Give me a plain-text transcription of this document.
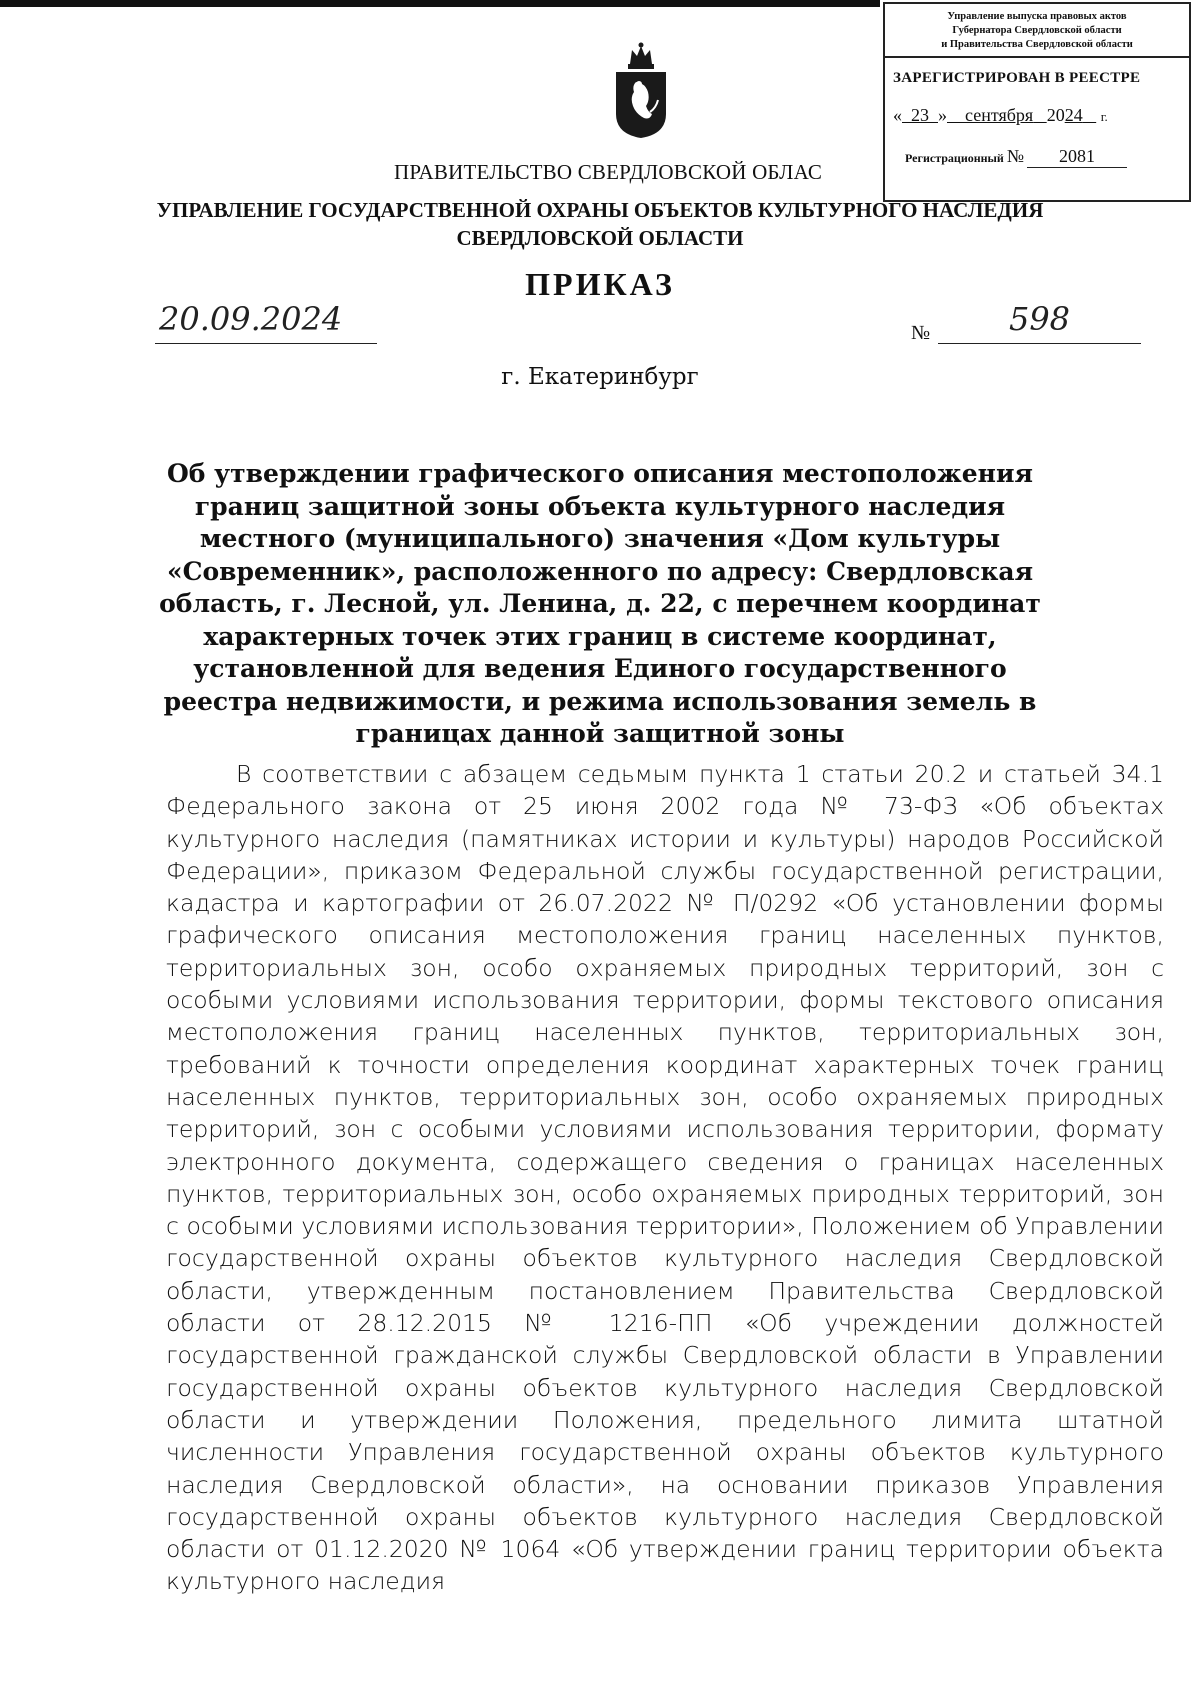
Управление выпуска правовых актов
Губернатора Свердловской области
и Правительства Свердловской области
ЗАРЕГИСТРИРОВАН В РЕЕСТРЕ
« 23 » сентября 2024 г.
Регистрационный № 2081
ПРАВИТЕЛЬСТВО СВЕРДЛОВСКОЙ ОБЛАС
УПРАВЛЕНИЕ ГОСУДАРСТВЕННОЙ ОХРАНЫ ОБЪЕКТОВ КУЛЬТУРНОГО НАСЛЕДИЯ
СВЕРДЛОВСКОЙ ОБЛАСТИ
ПРИКАЗ
20.09.2024	№	598
г. Екатеринбург
Об утверждении графического описания местоположения границ защитной зоны объекта культурного наследия местного (муниципального) значения «Дом культуры «Современник», расположенного по адресу: Свердловская область, г. Лесной, ул. Ленина, д. 22, с перечнем координат характерных точек этих границ в системе координат, установленной для ведения Единого государственного реестра недвижимости, и режима использования земель в границах данной защитной зоны

В соответствии с абзацем седьмым пункта 1 статьи 20.2 и статьей 34.1 Федерального закона от 25 июня 2002 года № 73-ФЗ «Об объектах культурного наследия (памятниках истории и культуры) народов Российской Федерации», приказом Федеральной службы государственной регистрации, кадастра и картографии от 26.07.2022 № П/0292 «Об установлении формы графического описания местоположения границ населенных пунктов, территориальных зон, особо охраняемых природных территорий, зон с особыми условиями использования территории, формы текстового описания местоположения границ населенных пунктов, территориальных зон, требований к точности определения координат характерных точек границ населенных пунктов, территориальных зон, особо охраняемых природных территорий, зон с особыми условиями использования территории, формату электронного документа, содержащего сведения о границах населенных пунктов, территориальных зон, особо охраняемых природных территорий, зон с особыми условиями использования территории», Положением об Управлении государственной охраны объектов культурного наследия Свердловской области, утвержденным постановлением Правительства Свердловской области от 28.12.2015 № 1216-ПП «Об учреждении должностей государственной гражданской службы Свердловской области в Управлении государственной охраны объектов культурного наследия Свердловской области и утверждении Положения, предельного лимита штатной численности Управления государственной охраны объектов культурного наследия Свердловской области», на основании приказов Управления государственной охраны объектов культурного наследия Свердловской области от 01.12.2020 № 1064 «Об утверждении границ территории объекта культурного наследия
